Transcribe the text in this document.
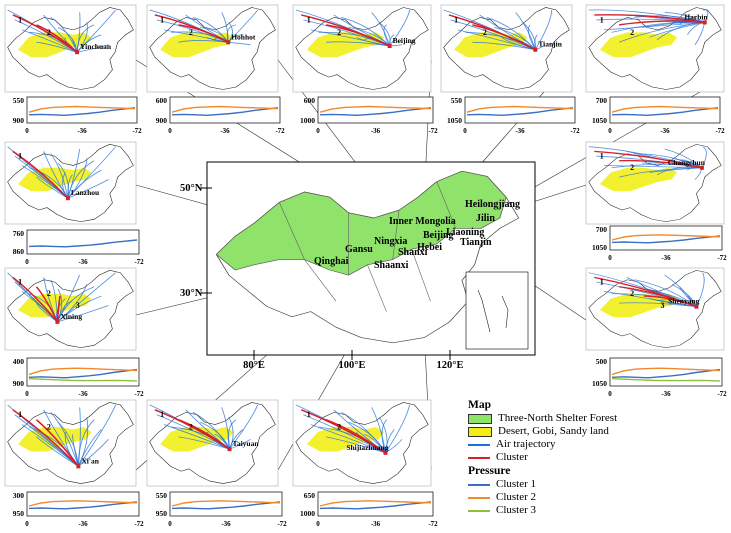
50°N
30°N
80°E	100°E	120°E
Heilongjiang
Jilin
Inner Mongolia
Liaoning
Beijing
Tianjin
Hebei
Shanxi
Ningxia
Gansu
Shaanxi
Qinghai
1
2
Yinchuan
550
900
0	-36	-72
1
2	Hohhot
600
900
0	-36	-72
1
2
Beijing
600
1000
0	-36	-72
1
2
Tianjin
550
1050
0	-36	-72
1
2
Harbin
700
1050
0	-36	-72
1
Lanzhou
760
860
0	-36	-72
1
2
Changchun
700
1050
0	-36	-72
1
2
3
Xining
400
900
0	-36	-72
1
2
3 Shenyang
500
1050
0	-36	-72
1
2
Xi'an
300
950
0	-36	-72
1
2
Taiyuan
550
950
0	-36	-72
1
2
Shijiazhuang
650
1000
0	-36	-72
Map
Three-North Shelter Forest
Desert, Gobi, Sandy land
Air trajectory
Cluster
Pressure
Cluster 1
Cluster 2
Cluster 3
